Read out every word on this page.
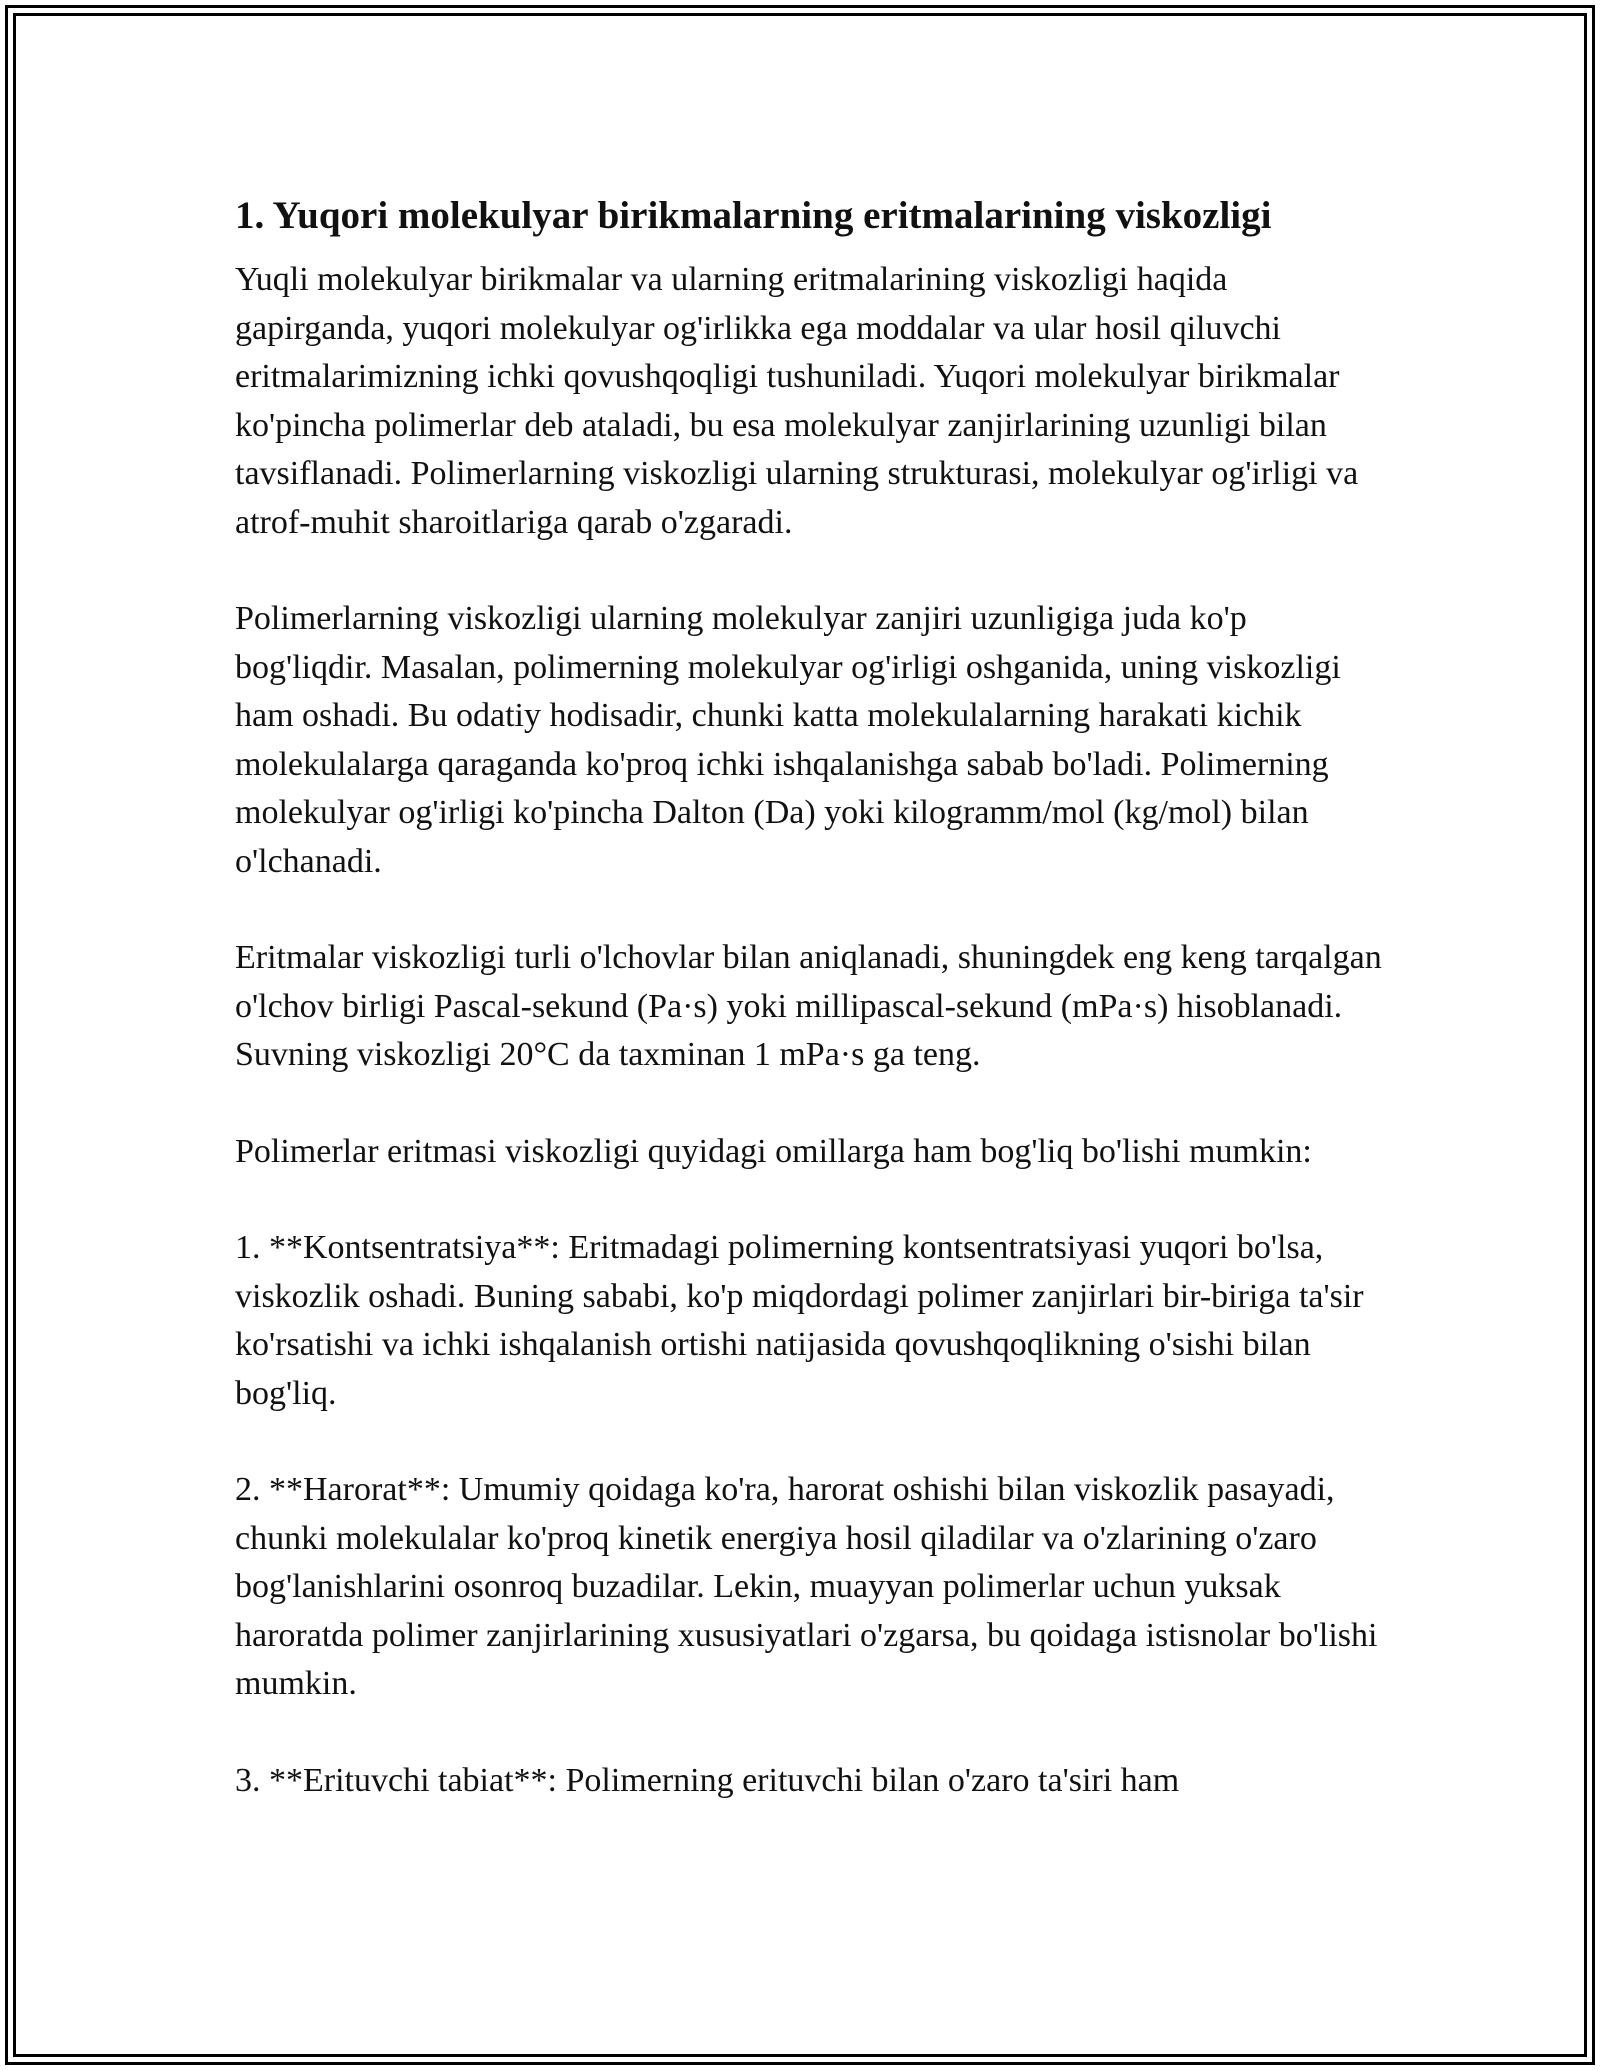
1. Yuqori molekulyar birikmalarning eritmalarining viskozligi

Yuqli molekulyar birikmalar va ularning eritmalarining viskozligi haqida gapirganda, yuqori molekulyar og'irlikka ega moddalar va ular hosil qiluvchi eritmalarimizning ichki qovushqoqligi tushuniladi. Yuqori molekulyar birikmalar ko'pincha polimerlar deb ataladi, bu esa molekulyar zanjirlarining uzunligi bilan tavsiflanadi. Polimerlarning viskozligi ularning strukturasi, molekulyar og'irligi va atrof-muhit sharoitlariga qarab o'zgaradi.

Polimerlarning viskozligi ularning molekulyar zanjiri uzunligiga juda ko'p bog'liqdir. Masalan, polimerning molekulyar og'irligi oshganida, uning viskozligi ham oshadi. Bu odatiy hodisadir, chunki katta molekulalarning harakati kichik molekulalarga qaraganda ko'proq ichki ishqalanishga sabab bo'ladi. Polimerning molekulyar og'irligi ko'pincha Dalton (Da) yoki kilogramm/mol (kg/mol) bilan o'lchanadi.

Eritmalar viskozligi turli o'lchovlar bilan aniqlanadi, shuningdek eng keng tarqalgan o'lchov birligi Pascal-sekund (Pa·s) yoki millipascal-sekund (mPa·s) hisoblanadi. Suvning viskozligi 20°C da taxminan 1 mPa·s ga teng.

Polimerlar eritmasi viskozligi quyidagi omillarga ham bog'liq bo'lishi mumkin:

1. **Kontsentratsiya**: Eritmadagi polimerning kontsentratsiyasi yuqori bo'lsa, viskozlik oshadi. Buning sababi, ko'p miqdordagi polimer zanjirlari bir-biriga ta'sir ko'rsatishi va ichki ishqalanish ortishi natijasida qovushqoqlikning o'sishi bilan bog'liq.

2. **Harorat**: Umumiy qoidaga ko'ra, harorat oshishi bilan viskozlik pasayadi, chunki molekulalar ko'proq kinetik energiya hosil qiladilar va o'zlarining o'zaro bog'lanishlarini osonroq buzadilar. Lekin, muayyan polimerlar uchun yuksak haroratda polimer zanjirlarining xususiyatlari o'zgarsa, bu qoidaga istisnolar bo'lishi mumkin.

3. **Erituvchi tabiat**: Polimerning erituvchi bilan o'zaro ta'siri ham
